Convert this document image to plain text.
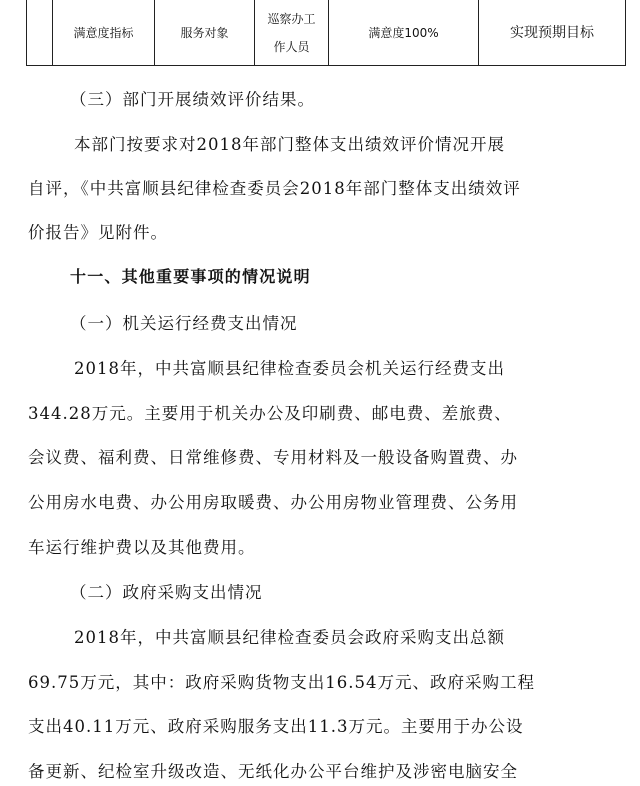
满意度指标	服务对象
巡察办工
作人员
满意度100%	实现预期目标
（三）部门开展绩效评价结果。
本部门按要求对2018年部门整体支出绩效评价情况开展
自评，《中共富顺县纪律检查委员会2018年部门整体支出绩效评
价报告》见附件。
十一、其他重要事项的情况说明
（一）机关运行经费支出情况
2018年，中共富顺县纪律检查委员会机关运行经费支出
344.28万元。主要用于机关办公及印刷费、邮电费、差旅费、
会议费、福利费、日常维修费、专用材料及一般设备购置费、办
公用房水电费、办公用房取暖费、办公用房物业管理费、公务用
车运行维护费以及其他费用。
（二）政府采购支出情况
2018年，中共富顺县纪律检查委员会政府采购支出总额
69.75万元，其中：政府采购货物支出16.54万元、政府采购工程
支出40.11万元、政府采购服务支出11.3万元。主要用于办公设
备更新、纪检室升级改造、无纸化办公平台维护及涉密电脑安全
